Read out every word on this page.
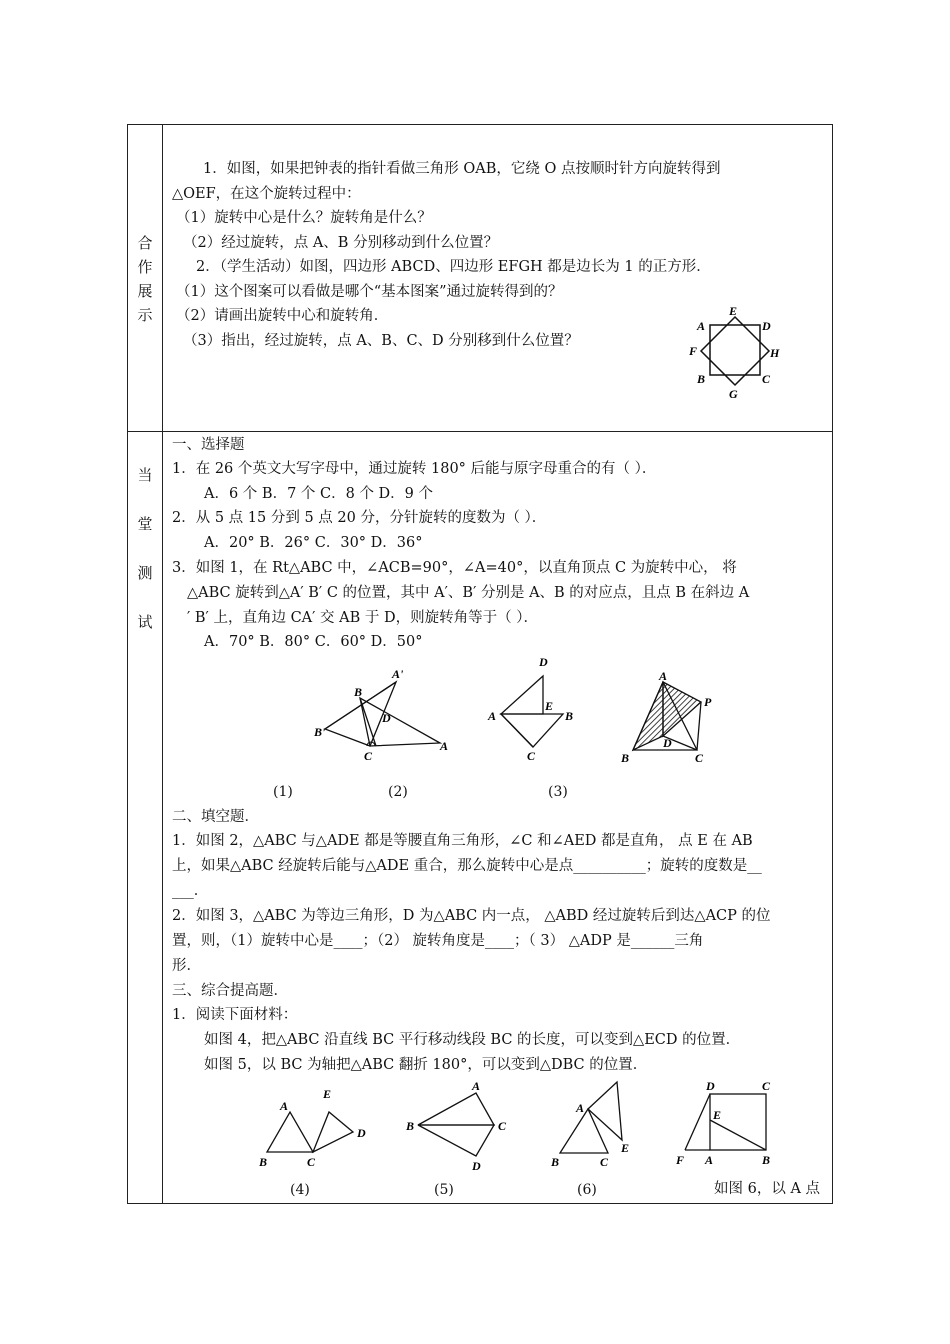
合
作
展
示
1．如图，如果把钟表的指针看做三角形 OAB，它绕 O 点按顺时针方向旋转得到
△OEF，在这个旋转过程中：
（1）旋转中心是什么？旋转角是什么？
（2）经过旋转，点 A、B 分别移动到什么位置？
2．（学生活动）如图，四边形 ABCD、四边形 EFGH 都是边长为 1 的正方形．
（1）这个图案可以看做是哪个“基本图案”通过旋转得到的？
（2）请画出旋转中心和旋转角．
（3）指出，经过旋转，点 A、B、C、D 分别移到什么位置？
A
E
D
F	H
B	C
G
当
堂
测
试
一、选择题
1．在 26 个英文大写字母中，通过旋转 180° 后能与原字母重合的有（ ）．
A．6 个 B．7 个 C．8 个 D．9 个
2．从 5 点 15 分到 5 点 20 分，分针旋转的度数为（ ）．
A．20° B．26° C．30° D．36°
3．如图 1，在 Rt△ABC 中，∠ACB=90°，∠A=40°，以直角顶点 C 为旋转中心， 将
△ABC 旋转到△A′ B′ C 的位置，其中 A′、B′ 分别是 A、B 的对应点，且点 B 在斜边 A
′ B′ 上，直角边 CA′ 交 AB 于 D，则旋转角等于（ ）．
A．70° B．80° C．60° D．50°
A'
B
D
B'
C
A
D
A
E
B
C
A
P
D
B	C
(1)	(2)	(3)
二、填空题．
1．如图 2，△ABC 与△ADE 都是等腰直角三角形，∠C 和∠AED 都是直角， 点 E 在 AB
上，如果△ABC 经旋转后能与△ADE 重合，那么旋转中心是点__________；旋转的度数是__
___．
2．如图 3，△ABC 为等边三角形，D 为△ABC 内一点， △ABD 经过旋转后到达△ACP 的位
置，则，（1）旋转中心是____；（2） 旋转角度是____；（ 3） △ADP 是______三角
形．
三、综合提高题．
1．阅读下面材料：
如图 4，把△ABC 沿直线 BC 平行移动线段 BC 的长度，可以变到△ECD 的位置．
如图 5，以 BC 为轴把△ABC 翻折 180°，可以变到△DBC 的位置．
A
E
D
B	C
A
B	C
D
A
B	C
E
D	C
E
F A	B
(4)	(5)	(6)	如图 6，以 A 点
